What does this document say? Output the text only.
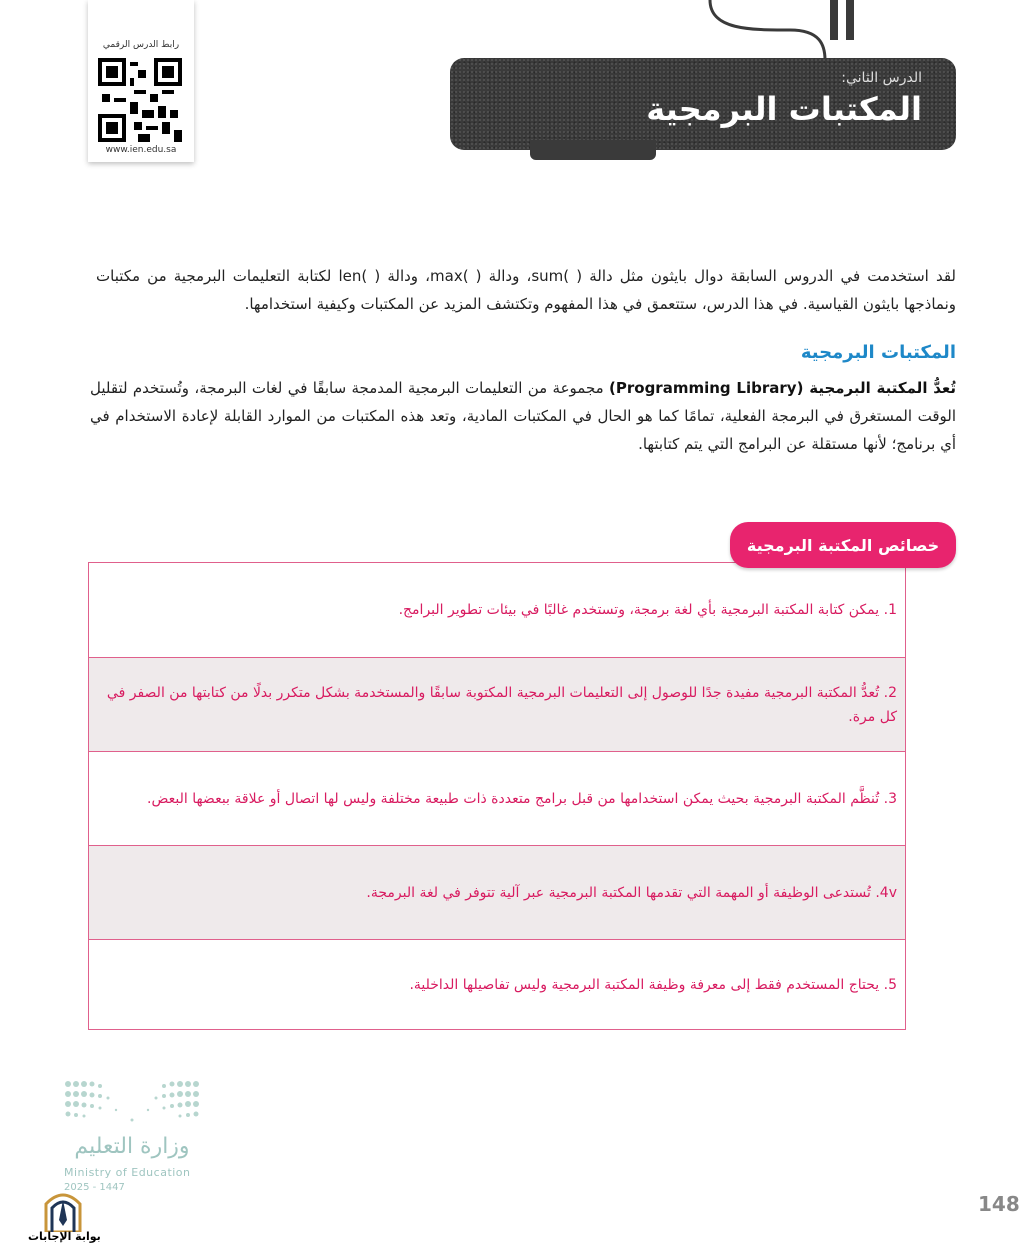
رابط الدرس الرقمي
www.ien.edu.sa
الدرس الثاني:
المكتبات البرمجية
لقد استخدمت في الدروس السابقة دوال بايثون مثل دالة ( )sum، ودالة ( )max، ودالة ( )len لكتابة التعليمات البرمجية من مكتبات ونماذجها بايثون القياسية. في هذا الدرس، ستتعمق في هذا المفهوم وتكتشف المزيد عن المكتبات وكيفية استخدامها.
المكتبات البرمجية
تُعدُّ المكتبة البرمجية (Programming Library) مجموعة من التعليمات البرمجية المدمجة سابقًا في لغات البرمجة، وتُستخدم لتقليل الوقت المستغرق في البرمجة الفعلية، تمامًا كما هو الحال في المكتبات المادية، وتعد هذه المكتبات من الموارد القابلة لإعادة الاستخدام في أي برنامج؛ لأنها مستقلة عن البرامج التي يتم كتابتها.
1. يمكن كتابة المكتبة البرمجية بأي لغة برمجة، وتستخدم غالبًا في بيئات تطوير البرامج.
2. تُعدُّ المكتبة البرمجية مفيدة جدًا للوصول إلى التعليمات البرمجية المكتوبة سابقًا والمستخدمة بشكل متكرر بدلًا من كتابتها من الصفر في كل مرة.
3. تُنظَّم المكتبة البرمجية بحيث يمكن استخدامها من قبل برامج متعددة ذات طبيعة مختلفة وليس لها اتصال أو علاقة ببعضها البعض.
4v. تُستدعى الوظيفة أو المهمة التي تقدمها المكتبة البرمجية عبر آلية تتوفر في لغة البرمجة.
5. يحتاج المستخدم فقط إلى معرفة وظيفة المكتبة البرمجية وليس تفاصيلها الداخلية.
خصائص المكتبة البرمجية
وزارة التعليم
Ministry of Education
2025 - 1447
بوابة الإجابات
148
